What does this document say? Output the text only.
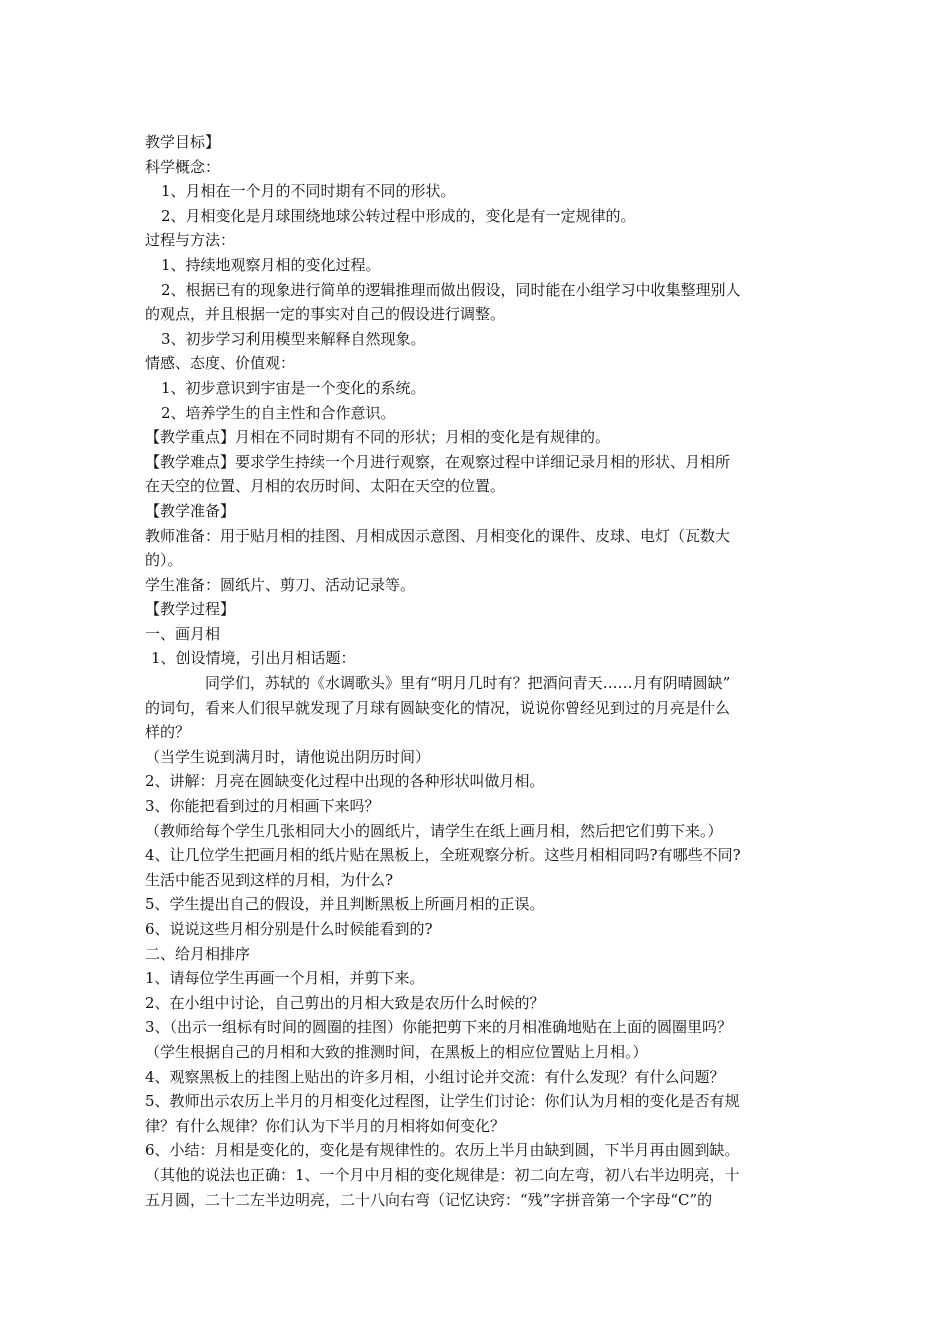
教学目标】
科学概念：
1、月相在一个月的不同时期有不同的形状。
2、月相变化是月球围绕地球公转过程中形成的，变化是有一定规律的。
过程与方法：
1、持续地观察月相的变化过程。
2、根据已有的现象进行简单的逻辑推理而做出假设，同时能在小组学习中收集整理别人
的观点，并且根据一定的事实对自己的假设进行调整。
3、初步学习利用模型来解释自然现象。
情感、态度、价值观：
1、初步意识到宇宙是一个变化的系统。
2、培养学生的自主性和合作意识。
【教学重点】月相在不同时期有不同的形状；月相的变化是有规律的。
【教学难点】要求学生持续一个月进行观察，在观察过程中详细记录月相的形状、月相所
在天空的位置、月相的农历时间、太阳在天空的位置。
【教学准备】
教师准备：用于贴月相的挂图、月相成因示意图、月相变化的课件、皮球、电灯（瓦数大
的）。
学生准备：圆纸片、剪刀、活动记录等。
【教学过程】
一、画月相
1、创设情境，引出月相话题：
同学们，苏轼的《水调歌头》里有“明月几时有？把酒问青天……月有阴晴圆缺”
的词句，看来人们很早就发现了月球有圆缺变化的情况，说说你曾经见到过的月亮是什么
样的？
（当学生说到满月时，请他说出阴历时间）
2、讲解：月亮在圆缺变化过程中出现的各种形状叫做月相。
3、你能把看到过的月相画下来吗？
（教师给每个学生几张相同大小的圆纸片，请学生在纸上画月相，然后把它们剪下来。）
4、让几位学生把画月相的纸片贴在黑板上，全班观察分析。这些月相相同吗?有哪些不同?
生活中能否见到这样的月相，为什么?
5、学生提出自己的假设，并且判断黑板上所画月相的正误。
6、说说这些月相分别是什么时候能看到的?
二、给月相排序
1、请每位学生再画一个月相，并剪下来。
2、在小组中讨论，自己剪出的月相大致是农历什么时候的？
3、（出示一组标有时间的圆圈的挂图）你能把剪下来的月相准确地贴在上面的圆圈里吗？
（学生根据自己的月相和大致的推测时间，在黑板上的相应位置贴上月相。）
4、观察黑板上的挂图上贴出的许多月相，小组讨论并交流：有什么发现？有什么问题？
5、教师出示农历上半月的月相变化过程图，让学生们讨论：你们认为月相的变化是否有规
律？有什么规律？你们认为下半月的月相将如何变化？
6、小结：月相是变化的，变化是有规律性的。农历上半月由缺到圆，下半月再由圆到缺。
（其他的说法也正确：1、一个月中月相的变化规律是：初二向左弯，初八右半边明亮，十
五月圆，二十二左半边明亮，二十八向右弯（记忆诀窍：“残”字拼音第一个字母“C”的
